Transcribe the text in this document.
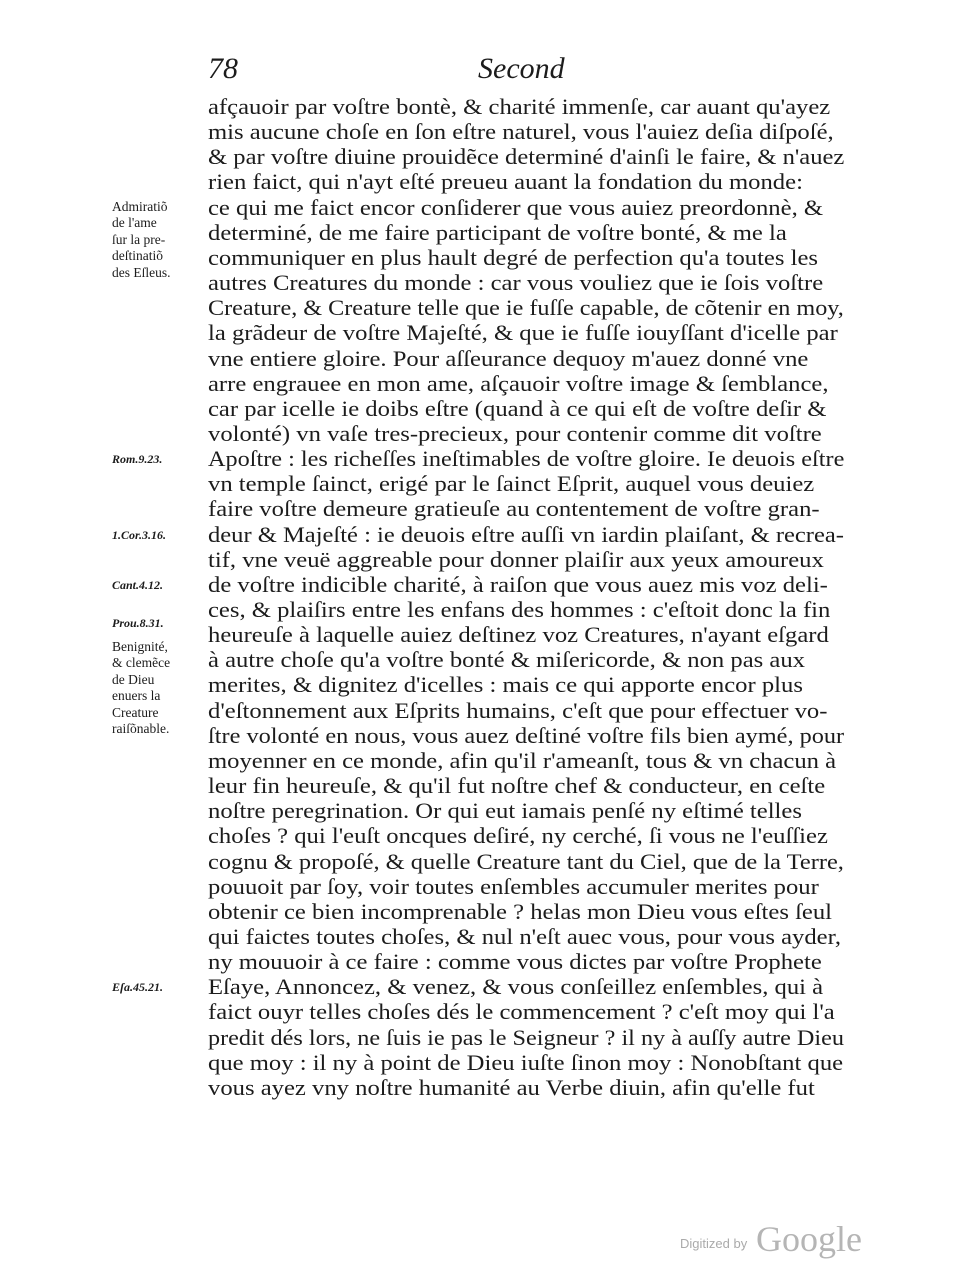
78	Second
afçauoir par voſtre bontè, & charité immenſe, car auant qu'ayez
mis aucune choſe en ſon eſtre naturel, vous l'auiez deſia diſpoſé,
& par voſtre diuine prouidẽce determiné d'ainſi le faire, & n'auez
rien faict, qui n'ayt eſté preueu auant la fondation du monde:
ce qui me faict encor conſiderer que vous auiez preordonnè, &
determiné, de me faire participant de voſtre bonté, & me la
communiquer en plus hault degré de perfection qu'a toutes les
autres Creatures du monde : car vous vouliez que ie ſois voſtre
Creature, & Creature telle que ie fuſſe capable, de cõtenir en moy,
la grãdeur de voſtre Majeſté, & que ie fuſſe iouyſſant d'icelle par
vne entiere gloire. Pour aſſeurance dequoy m'auez donné vne
arre engrauee en mon ame, aſçauoir voſtre image & ſemblance,
car par icelle ie doibs eſtre (quand à ce qui eſt de voſtre deſir &
volonté) vn vaſe tres-precieux, pour contenir comme dit voſtre
Apoſtre : les richeſſes ineſtimables de voſtre gloire. Ie deuois eſtre
vn temple ſainct, erigé par le ſainct Eſprit, auquel vous deuiez
faire voſtre demeure gratieuſe au contentement de voſtre gran-
deur & Majeſté : ie deuois eſtre auſſi vn iardin plaiſant, & recrea-
tif, vne veuë aggreable pour donner plaiſir aux yeux amoureux
de voſtre indicible charité, à raiſon que vous auez mis voz deli-
ces, & plaiſirs entre les enfans des hommes : c'eſtoit donc la fin
heureuſe à laquelle auiez deſtinez voz Creatures, n'ayant eſgard
à autre choſe qu'a voſtre bonté & miſericorde, & non pas aux
merites, & dignitez d'icelles : mais ce qui apporte encor plus
d'eſtonnement aux Eſprits humains, c'eſt que pour effectuer vo-
ſtre volonté en nous, vous auez deſtiné voſtre fils bien aymé, pour
moyenner en ce monde, afin qu'il r'ameanſt, tous & vn chacun à
leur fin heureuſe, & qu'il fut noſtre chef & conducteur, en ceſte
noſtre peregrination. Or qui eut iamais penſé ny eſtimé telles
choſes ? qui l'euſt oncques deſiré, ny cerché, ſi vous ne l'euſſiez
cognu & propoſé, & quelle Creature tant du Ciel, que de la Terre,
pouuoit par ſoy, voir toutes enſembles accumuler merites pour
obtenir ce bien incomprenable ? helas mon Dieu vous eſtes ſeul
qui faictes toutes choſes, & nul n'eſt auec vous, pour vous ayder,
ny mouuoir à ce faire : comme vous dictes par voſtre Prophete
Eſaye, Annoncez, & venez, & vous conſeillez enſembles, qui à
faict ouyr telles choſes dés le commencement ? c'eſt moy qui l'a
predit dés lors, ne ſuis ie pas le Seigneur ? il ny à auſſy autre Dieu
que moy : il ny à point de Dieu iuſte ſinon moy : Nonobſtant que
vous ayez vny noſtre humanité au Verbe diuin, afin qu'elle fut
Admiratiõ
de l'ame
ſur la pre-
deſtinatiõ
des Eſleus.
Benignité,
& clemẽce
de Dieu
enuers la
Creature
raiſõnable.
Rom.9.23.
1.Cor.3.16.
Cant.4.12.
Prou.8.31.
Eſa.45.21.
Digitized by Google
